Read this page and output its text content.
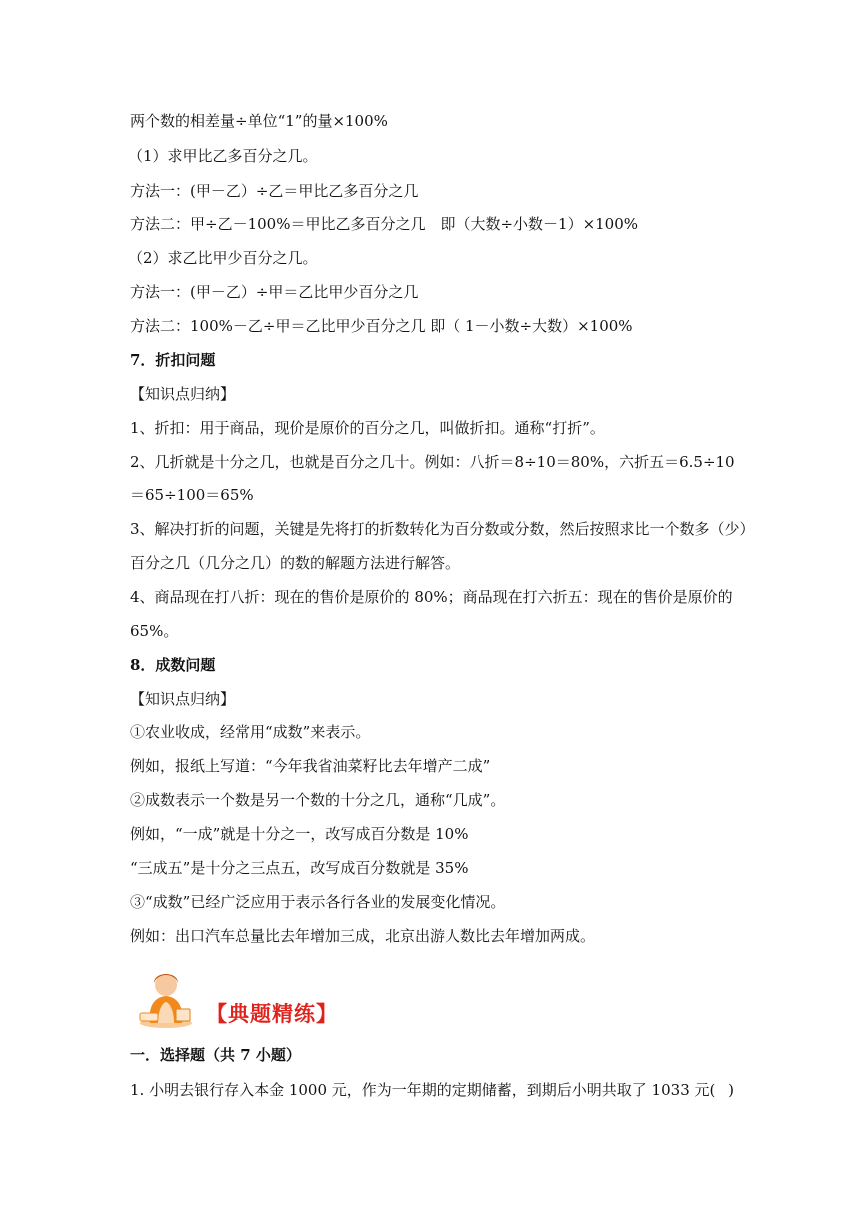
两个数的相差量÷单位“1”的量×100%
（1）求甲比乙多百分之几。
方法一：(甲－乙）÷乙＝甲比乙多百分之几
方法二：甲÷乙－100%＝甲比乙多百分之几　即（大数÷小数－1）×100%
（2）求乙比甲少百分之几。
方法一：(甲－乙）÷甲＝乙比甲少百分之几
方法二：100%－乙÷甲＝乙比甲少百分之几 即（ 1－小数÷大数）×100%
7．折扣问题
【知识点归纳】
1、折扣：用于商品，现价是原价的百分之几，叫做折扣。通称“打折”。
2、几折就是十分之几，也就是百分之几十。例如：八折＝8÷10＝80%，六折五＝6.5÷10
＝65÷100＝65%
3、解决打折的问题，关键是先将打的折数转化为百分数或分数，然后按照求比一个数多（少）
百分之几（几分之几）的数的解题方法进行解答。
4、商品现在打八折：现在的售价是原价的 80%；商品现在打六折五：现在的售价是原价的
65%。
8．成数问题
【知识点归纳】
①农业收成，经常用“成数”来表示。
例如，报纸上写道：“今年我省油菜籽比去年增产二成”
②成数表示一个数是另一个数的十分之几，通称“几成”。
例如，“一成”就是十分之一，改写成百分数是 10%
“三成五”是十分之三点五，改写成百分数就是 35%
③“成数”已经广泛应用于表示各行各业的发展变化情况。
例如：出口汽车总量比去年增加三成，北京出游人数比去年增加两成。
【典题精练】
一．选择题（共 7 小题）
1. 小明去银行存入本金 1000 元，作为一年期的定期储蓄，到期后小明共取了 1033 元( )
